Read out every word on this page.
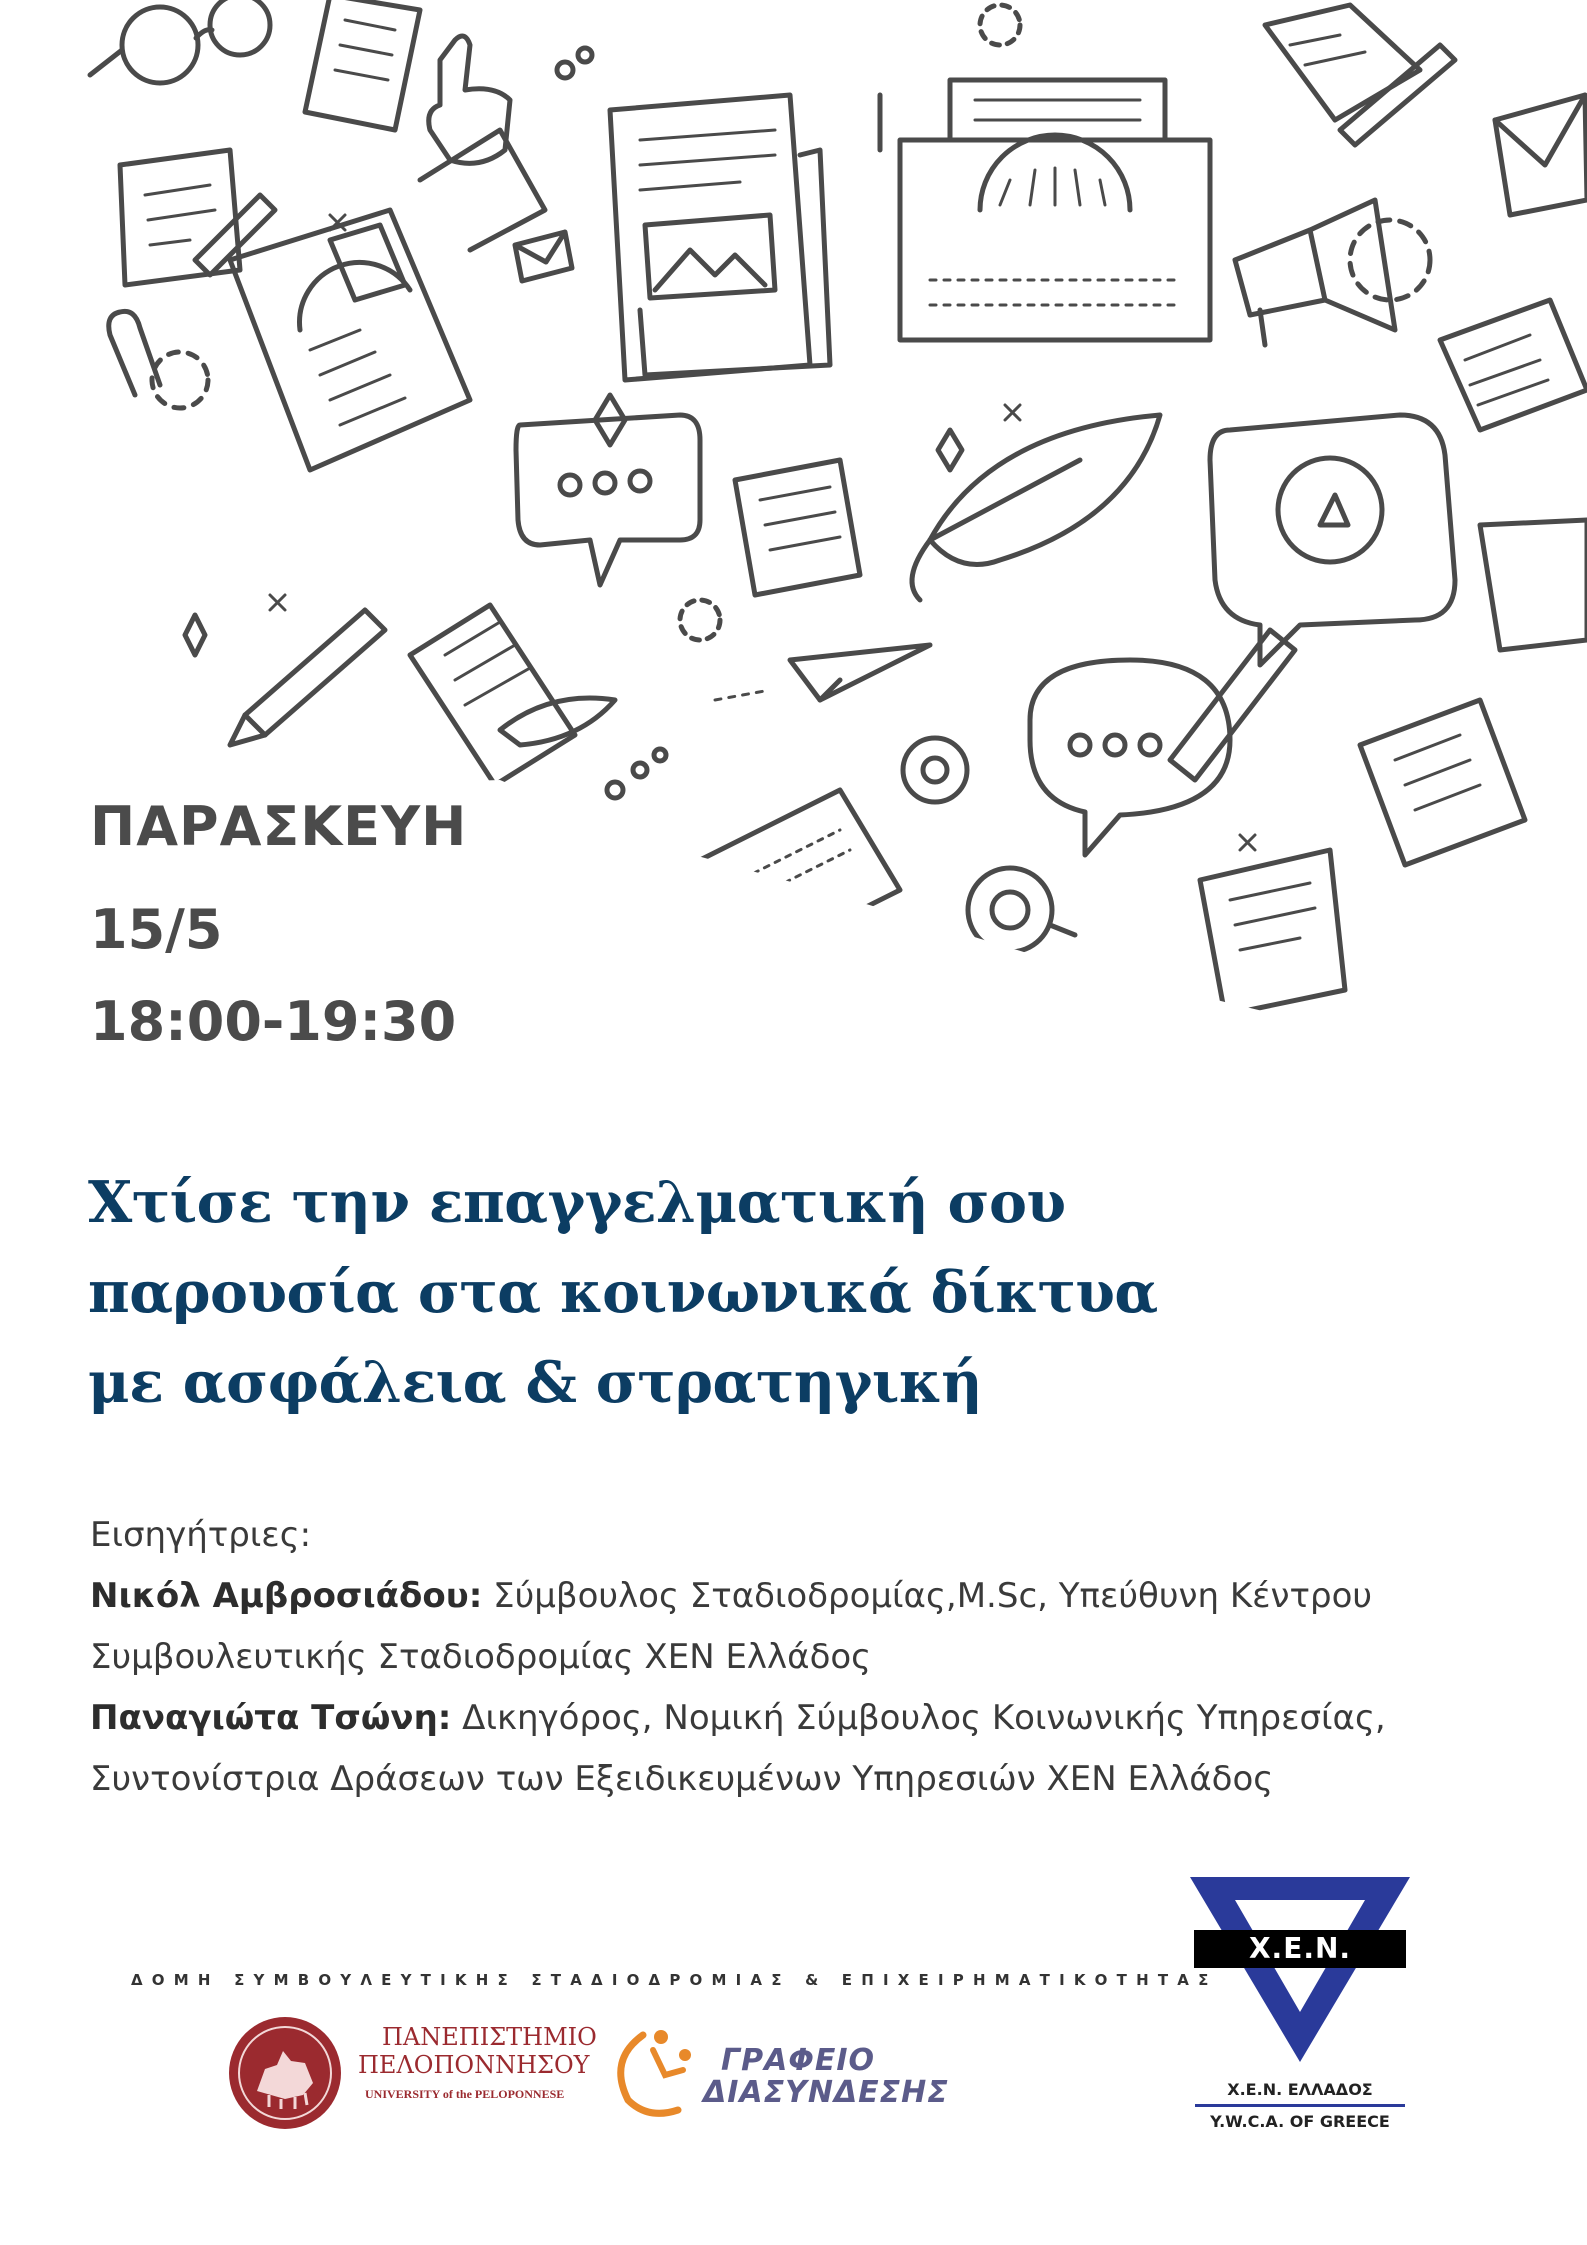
ΠΑΡΑΣΚΕΥΗ
15/5
18:00-19:30
Χτίσε την επαγγελματική σου
παρουσία στα κοινωνικά δίκτυα
με ασφάλεια & στρατηγική

Εισηγήτριες:

Νικόλ Αμβροσιάδου: Σύμβουλος Σταδιοδρομίας,M.Sc, Υπεύθυνη Κέντρου

Συμβουλευτικής Σταδιοδρομίας ΧΕΝ Ελλάδος

Παναγιώτα Τσώνη: Δικηγόρος, Νομική Σύμβουλος Κοινωνικής Υπηρεσίας,

Συντονίστρια Δράσεων των Εξειδικευμένων Υπηρεσιών ΧΕΝ Ελλάδος

ΔΟΜΗ ΣΥΜΒΟΥΛΕΥΤΙΚΗΣ ΣΤΑΔΙΟΔΡΟΜΙΑΣ & ΕΠΙΧΕΙΡΗΜΑΤΙΚΟΤΗΤΑΣ
ΠΑΝΕΠΙΣΤΗΜΙΟ
ΠΕΛΟΠΟΝΝΗΣΟΥ
UNIVERSITY of the PELOPONNESE
ΓΡΑΦΕΙΟ
ΔΙΑΣΥΝΔΕΣΗΣ
Χ.Ε.Ν.
Χ.Ε.Ν. ΕΛΛΑΔΟΣ
Y.W.C.A. OF GREECE
